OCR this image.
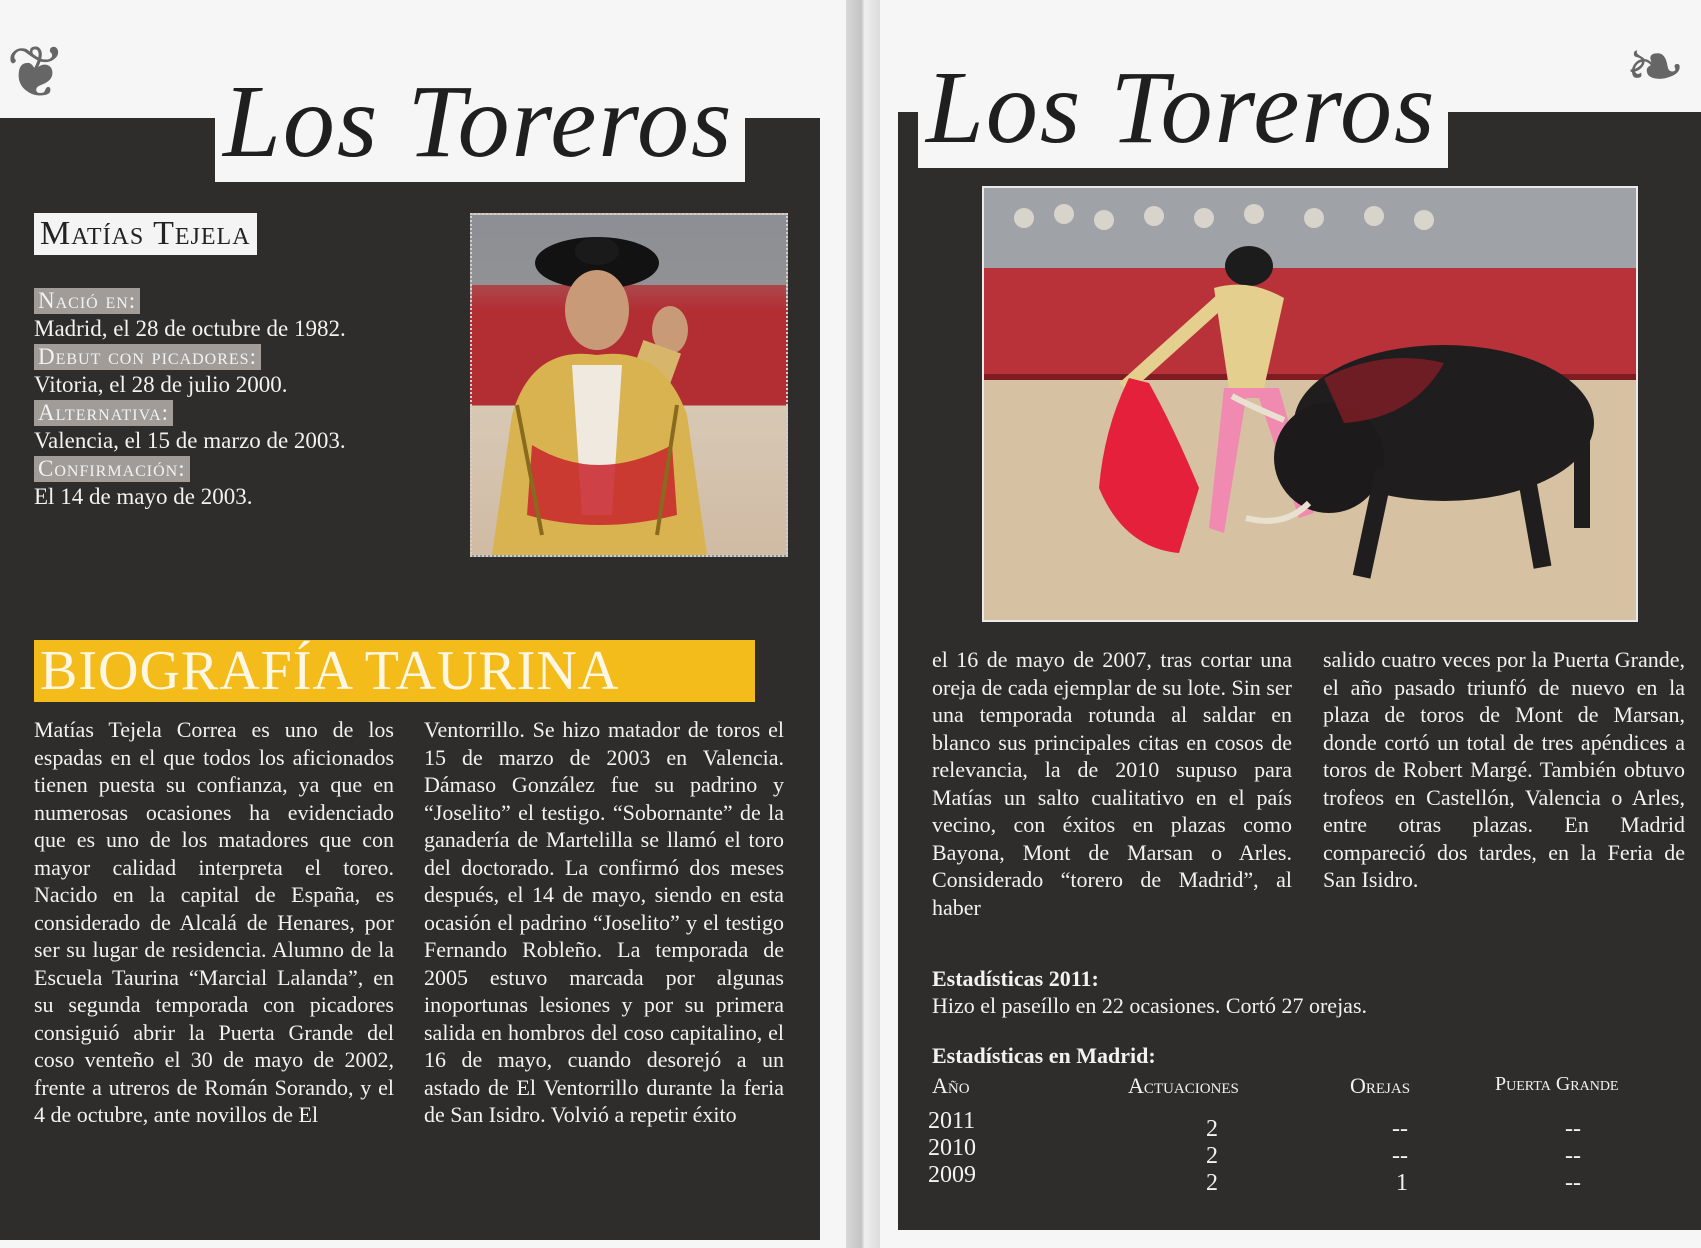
❦ Los Toreros
Matías Tejela
Nació en:
Madrid, el 28 de octubre de 1982.
Debut con picadores:
Vitoria, el 28 de julio 2000.
Alternativa:
Valencia, el 15 de marzo de 2003.
Confirmación:
El 14 de mayo de 2003.
BIOGRAFÍA TAURINA
Matías Tejela Correa es uno de los espadas en el que todos los aficionados tienen puesta su confianza, ya que en numerosas ocasiones ha evidenciado que es uno de los matadores que con mayor calidad interpreta el toreo. Nacido en la capital de España, es considerado de Alcalá de Henares, por ser su lugar de residencia. Alumno de la Escuela Taurina “Marcial Lalanda”, en su segunda temporada con picadores consiguió abrir la Puerta Grande del coso venteño el 30 de mayo de 2002, frente a utreros de Román Sorando, y el 4 de octubre, ante novillos de El
Ventorrillo. Se hizo matador de toros el 15 de marzo de 2003 en Valencia. Dámaso González fue su padrino y “Joselito” el testigo. “Sobornante” de la ganadería de Martelilla se llamó el toro del doctorado. La confirmó dos meses después, el 14 de mayo, siendo en esta ocasión el padrino “Joselito” y el testigo Fernando Robleño. La temporada de 2005 estuvo marcada por algunas inoportunas lesiones y por su primera salida en hombros del coso capitalino, el 16 de mayo, cuando desorejó a un astado de El Ventorrillo durante la feria de San Isidro. Volvió a repetir éxito
❧
Los Toreros
el 16 de mayo de 2007, tras cortar una oreja de cada ejemplar de su lote. Sin ser una temporada rotunda al saldar en blanco sus principales citas en cosos de relevancia, la de 2010 supuso para Matías un salto cualitativo en el país vecino, con éxitos en plazas como Bayona, Mont de Marsan o Arles. Considerado “torero de Madrid”, al haber
salido cuatro veces por la Puerta Grande, el año pasado triunfó de nuevo en la plaza de toros de Mont de Marsan, donde cortó un total de tres apéndices a toros de Robert Margé. También obtuvo trofeos en Castellón, Valencia o Arles, entre otras plazas. En Madrid compareció dos tardes, en la Feria de San Isidro.
Estadísticas 2011:
Hizo el paseíllo en 22 ocasiones. Cortó 27 orejas.
Estadísticas en Madrid:
Año	Actuaciones	Orejas	Puerta Grande
2011	2	--	--
2010	2	--	--
2009	2	1	--
